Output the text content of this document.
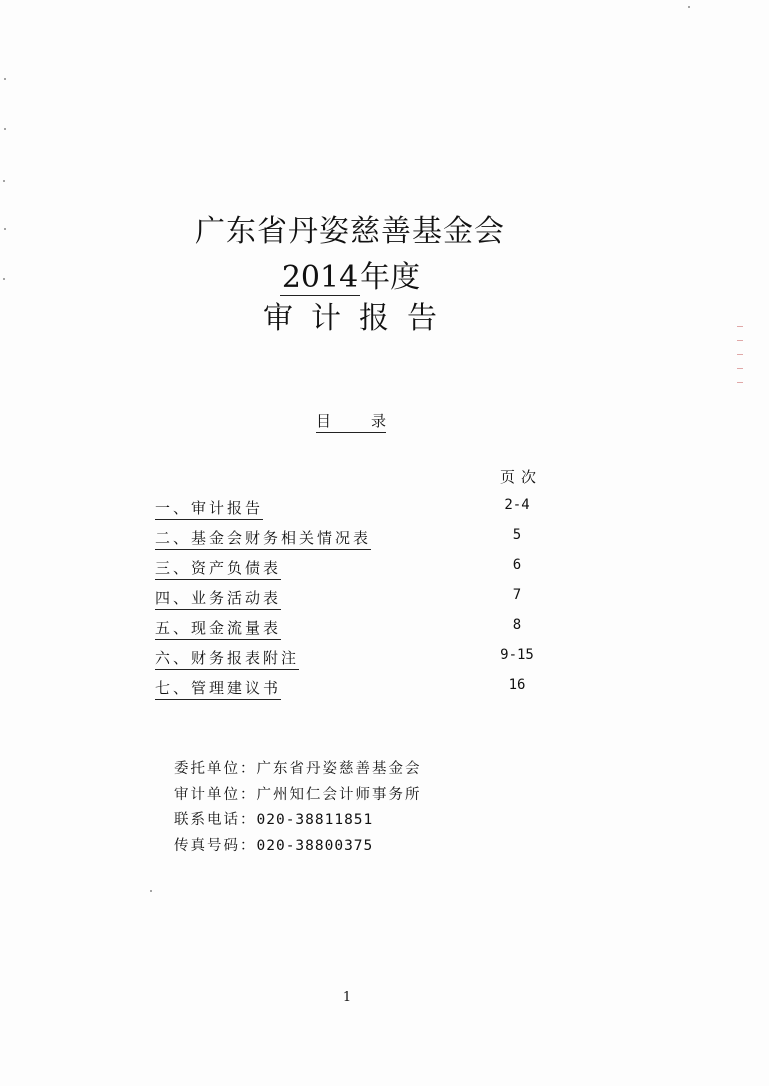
广东省丹姿慈善基金会
2014年度
审计报告
目	录
页次
一、审计报告	2-4
二、基金会财务相关情况表	5
三、资产负债表	6
四、业务活动表	7
五、现金流量表	8
六、财务报表附注	9-15
七、管理建议书	16
委托单位：广东省丹姿慈善基金会
审计单位：广州知仁会计师事务所
联系电话：020-38811851
传真号码：020-38800375
1
